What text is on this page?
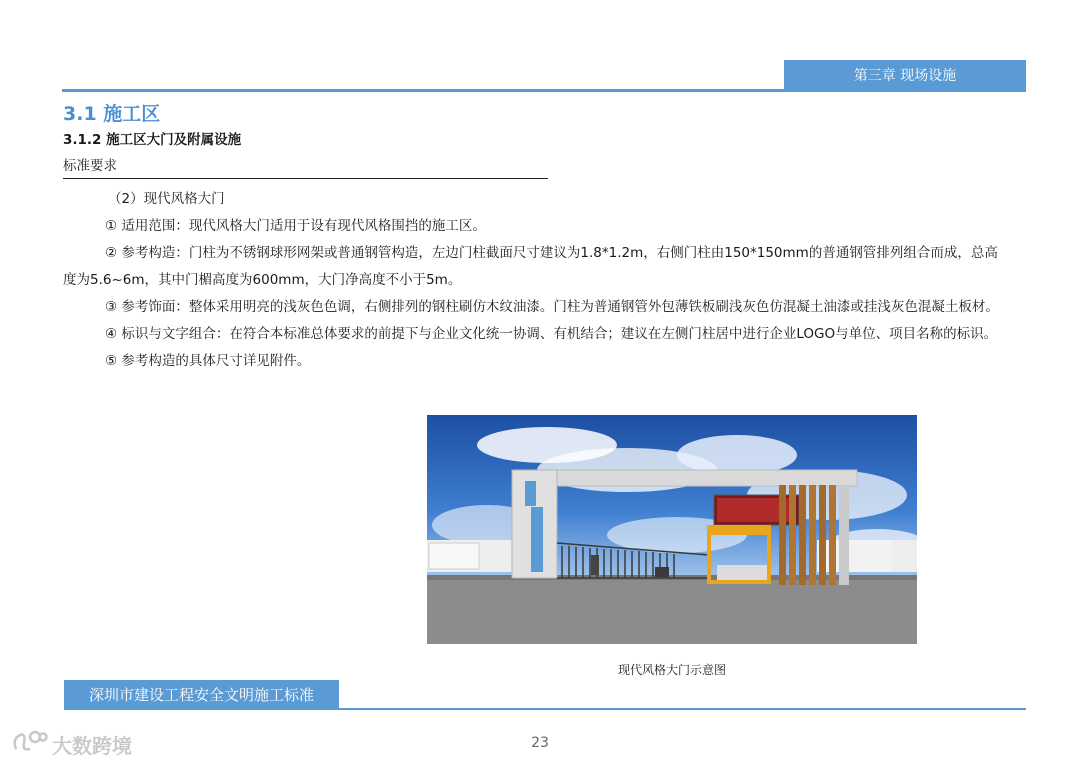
第三章 现场设施
3.1 施工区
3.1.2 施工区大门及附属设施
标准要求

（2）现代风格大门

① 适用范围：现代风格大门适用于设有现代风格围挡的施工区。

② 参考构造：门柱为不锈钢球形网架或普通钢管构造，左边门柱截面尺寸建议为1.8*1.2m，右侧门柱由150*150mm的普通钢管排列组合而成，总高度为5.6~6m，其中门楣高度为600mm，大门净高度不小于5m。

③ 参考饰面：整体采用明亮的浅灰色色调，右侧排列的钢柱刷仿木纹油漆。门柱为普通钢管外包薄铁板刷浅灰色仿混凝土油漆或挂浅灰色混凝土板材。

④ 标识与文字组合：在符合本标准总体要求的前提下与企业文化统一协调、有机结合；建议在左侧门柱居中进行企业LOGO与单位、项目名称的标识。

⑤ 参考构造的具体尺寸详见附件。

现代风格大门示意图
深圳市建设工程安全文明施工标准
23
大数跨境
